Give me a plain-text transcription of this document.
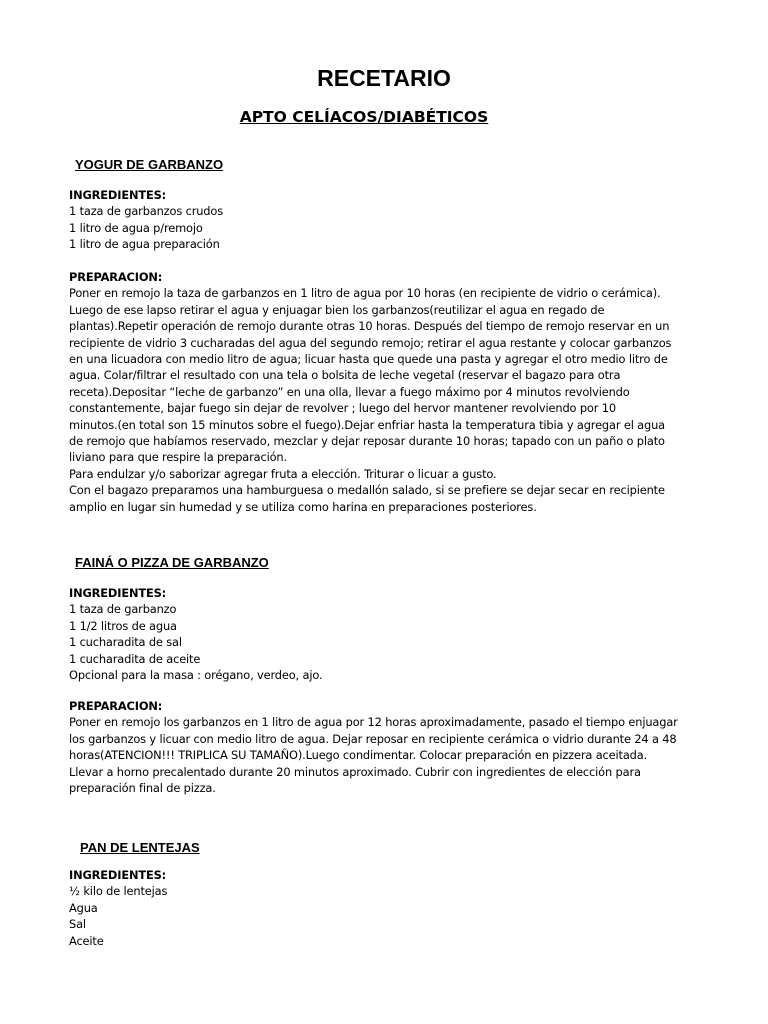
RECETARIO
APTO CELÍACOS/DIABÉTICOS
YOGUR DE GARBANZO
INGREDIENTES:
1 taza de garbanzos crudos
1 litro de agua p/remojo
1 litro de agua preparación
PREPARACION:
Poner en remojo la taza de garbanzos en 1 litro de agua por 10 horas (en recipiente de vidrio o cerámica).
Luego de ese lapso retirar el agua y enjuagar bien los garbanzos(reutilizar el agua en regado de
plantas).Repetir operación de remojo durante otras 10 horas. Después del tiempo de remojo reservar en un
recipiente de vidrio 3 cucharadas del agua del segundo remojo; retirar el agua restante y colocar garbanzos
en una licuadora con medio litro de agua; licuar hasta que quede una pasta y agregar el otro medio litro de
agua. Colar/filtrar el resultado con una tela o bolsita de leche vegetal (reservar el bagazo para otra
receta).Depositar “leche de garbanzo” en una olla, llevar a fuego máximo por 4 minutos revolviendo
constantemente, bajar fuego sin dejar de revolver ; luego del hervor mantener revolviendo por 10
minutos.(en total son 15 minutos sobre el fuego).Dejar enfriar hasta la temperatura tibia y agregar el agua
de remojo que habíamos reservado, mezclar y dejar reposar durante 10 horas; tapado con un paño o plato
liviano para que respire la preparación.
Para endulzar y/o saborizar agregar fruta a elección. Triturar o licuar a gusto.
Con el bagazo preparamos una hamburguesa o medallón salado, si se prefiere se dejar secar en recipiente
amplio en lugar sin humedad y se utiliza como harina en preparaciones posteriores.
FAINÁ O PIZZA DE GARBANZO
INGREDIENTES:
1 taza de garbanzo
1 1/2 litros de agua
1 cucharadita de sal
1 cucharadita de aceite
Opcional para la masa : orégano, verdeo, ajo.
PREPARACION:
Poner en remojo los garbanzos en 1 litro de agua por 12 horas aproximadamente, pasado el tiempo enjuagar
los garbanzos y licuar con medio litro de agua. Dejar reposar en recipiente cerámica o vidrio durante 24 a 48
horas(ATENCION!!! TRIPLICA SU TAMAÑO).Luego condimentar. Colocar preparación en pizzera aceitada.
Llevar a horno precalentado durante 20 minutos aproximado. Cubrir con ingredientes de elección para
preparación final de pizza.
PAN DE LENTEJAS
INGREDIENTES:
½ kilo de lentejas
Agua
Sal
Aceite
